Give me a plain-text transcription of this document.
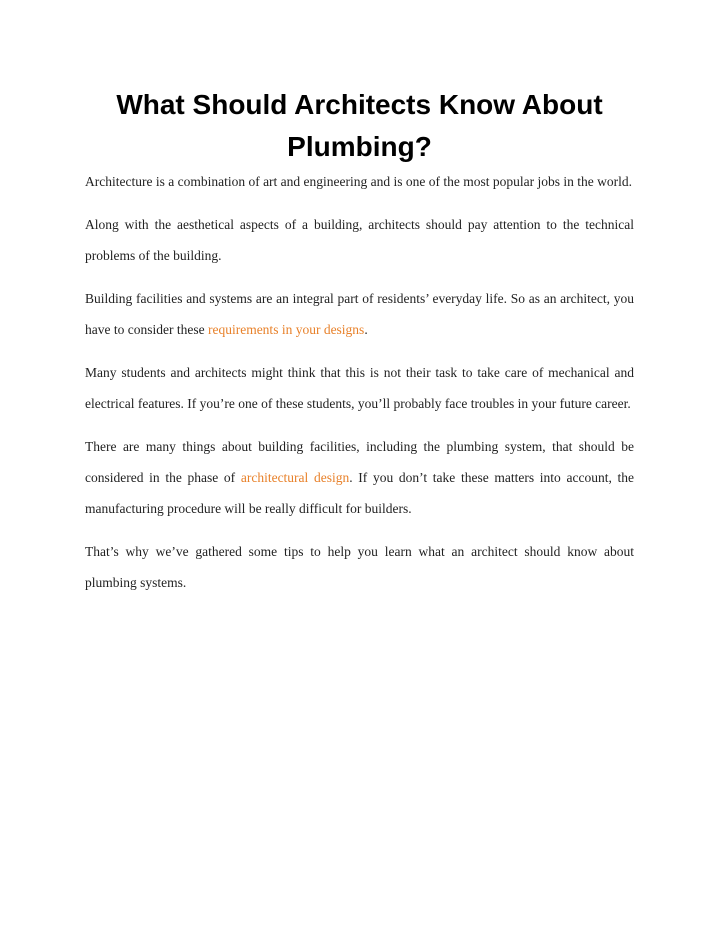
What Should Architects Know About Plumbing?

Architecture is a combination of art and engineering and is one of the most popular jobs in the world.

Along with the aesthetical aspects of a building, architects should pay attention to the technical problems of the building.

Building facilities and systems are an integral part of residents’ everyday life. So as an architect, you have to consider these requirements in your designs.

Many students and architects might think that this is not their task to take care of mechanical and electrical features. If you’re one of these students, you’ll probably face troubles in your future career.

There are many things about building facilities, including the plumbing system, that should be considered in the phase of architectural design. If you don’t take these matters into account, the manufacturing procedure will be really difficult for builders.

That’s why we’ve gathered some tips to help you learn what an architect should know about plumbing systems.
